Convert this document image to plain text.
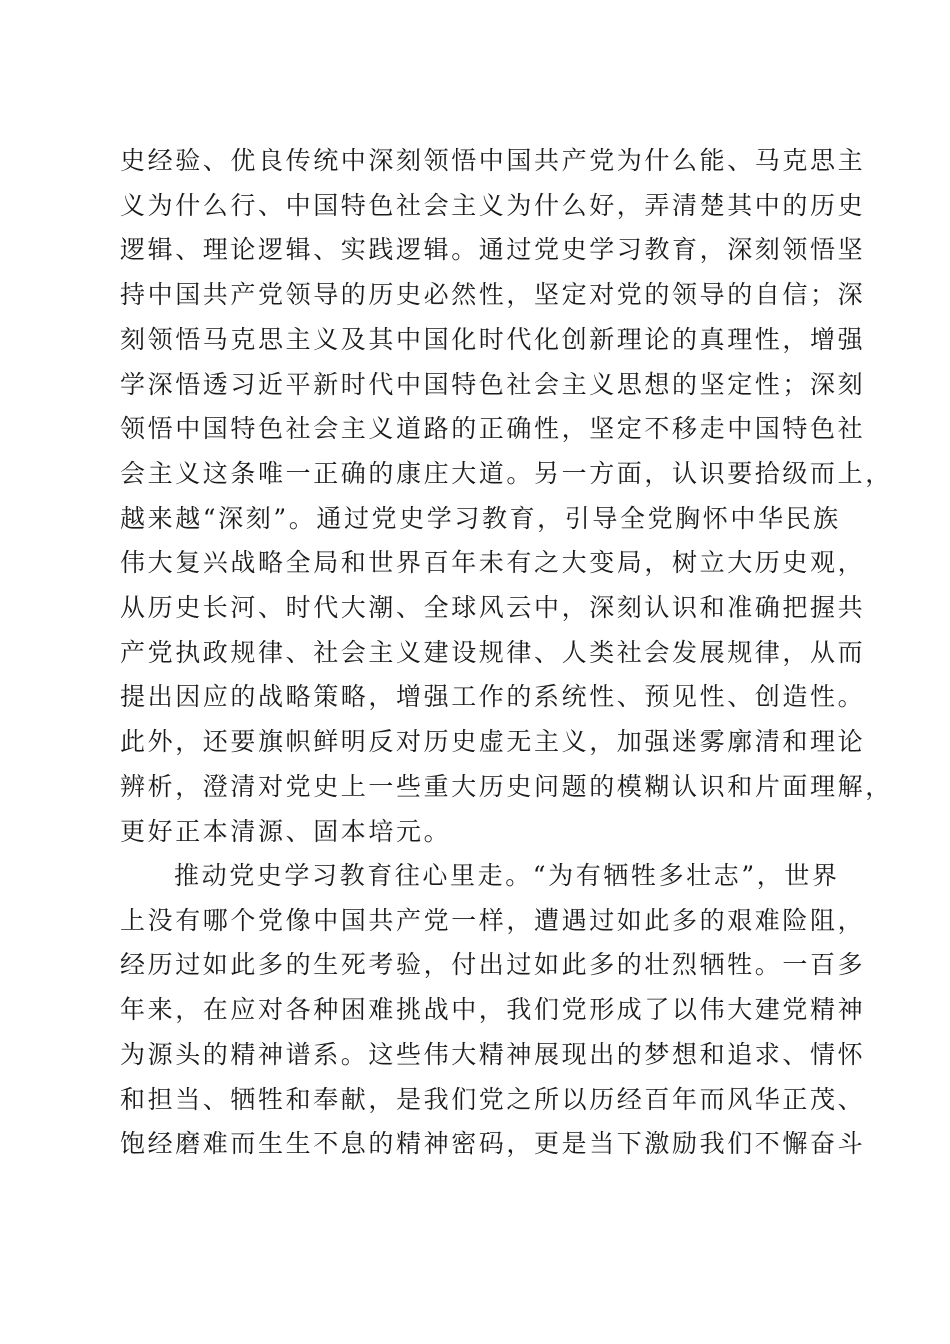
史经验、优良传统中深刻领悟中国共产党为什么能、马克思主
义为什么行、中国特色社会主义为什么好，弄清楚其中的历史
逻辑、理论逻辑、实践逻辑。通过党史学习教育，深刻领悟坚
持中国共产党领导的历史必然性，坚定对党的领导的自信；深
刻领悟马克思主义及其中国化时代化创新理论的真理性，增强
学深悟透习近平新时代中国特色社会主义思想的坚定性；深刻
领悟中国特色社会主义道路的正确性，坚定不移走中国特色社
会主义这条唯一正确的康庄大道。另一方面，认识要拾级而上，
越来越“深刻”。通过党史学习教育，引导全党胸怀中华民族
伟大复兴战略全局和世界百年未有之大变局，树立大历史观，
从历史长河、时代大潮、全球风云中，深刻认识和准确把握共
产党执政规律、社会主义建设规律、人类社会发展规律，从而
提出因应的战略策略，增强工作的系统性、预见性、创造性。
此外，还要旗帜鲜明反对历史虚无主义，加强迷雾廓清和理论
辨析，澄清对党史上一些重大历史问题的模糊认识和片面理解，
更好正本清源、固本培元。
推动党史学习教育往心里走。“为有牺牲多壮志”，世界
上没有哪个党像中国共产党一样，遭遇过如此多的艰难险阻，
经历过如此多的生死考验，付出过如此多的壮烈牺牲。一百多
年来，在应对各种困难挑战中，我们党形成了以伟大建党精神
为源头的精神谱系。这些伟大精神展现出的梦想和追求、情怀
和担当、牺牲和奉献，是我们党之所以历经百年而风华正茂、
饱经磨难而生生不息的精神密码，更是当下激励我们不懈奋斗
